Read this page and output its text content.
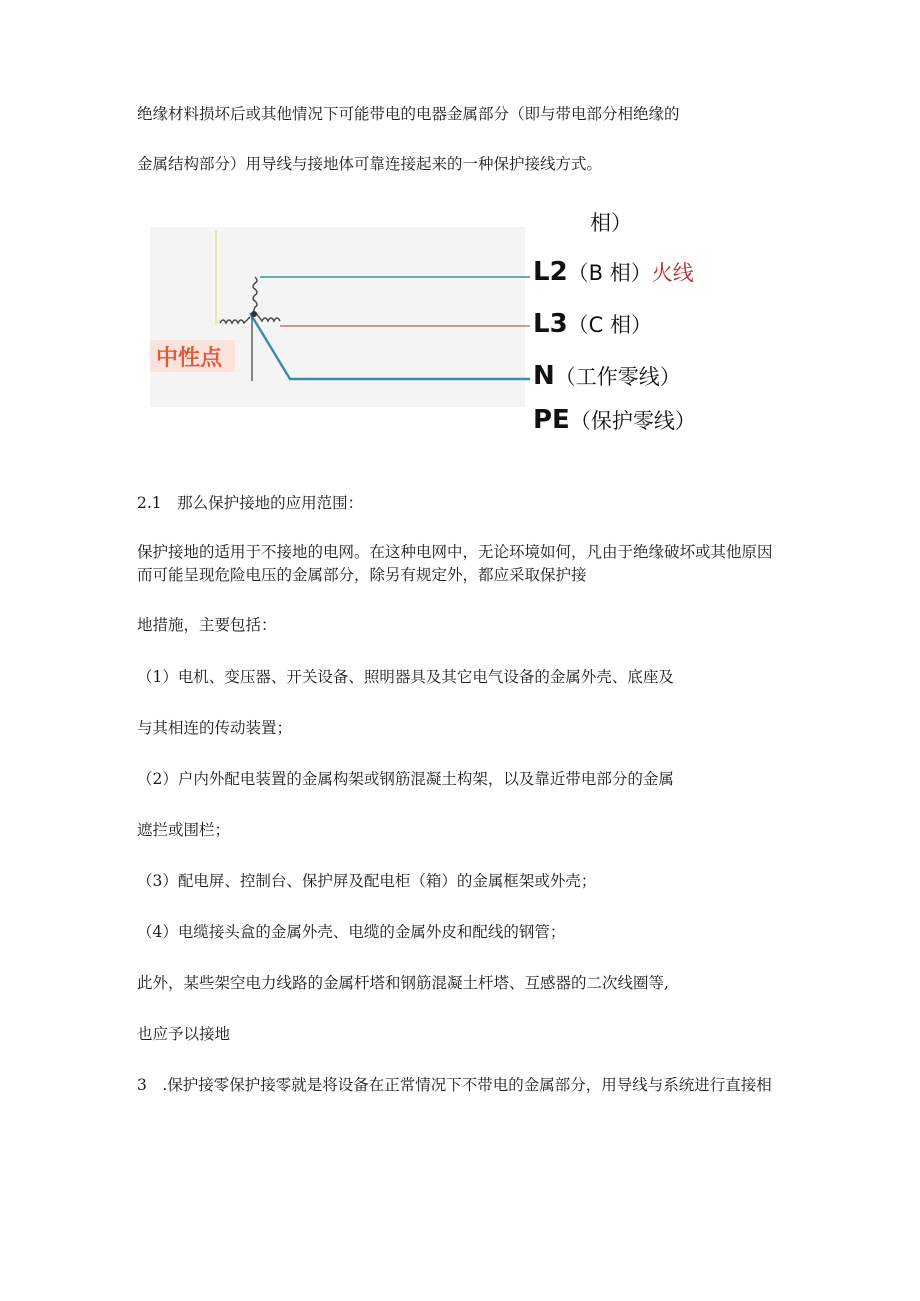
绝缘材料损坏后或其他情况下可能带电的电器金属部分（即与带电部分相绝缘的

金属结构部分）用导线与接地体可靠连接起来的一种保护接线方式。

中性点
相）
L2（B 相）火线
L3（C 相）
N（工作零线）
PE（保护零线）

2.1　那么保护接地的应用范围：

保护接地的适用于不接地的电网。在这种电网中，无论环境如何，凡由于绝缘破坏或其他原因而可能呈现危险电压的金属部分，除另有规定外，都应采取保护接

地措施，主要包括：

（1）电机、变压器、开关设备、照明器具及其它电气设备的金属外壳、底座及

与其相连的传动装置；

（2）户内外配电装置的金属构架或钢筋混凝土构架，以及靠近带电部分的金属

遮拦或围栏；

（3）配电屏、控制台、保护屏及配电柜（箱）的金属框架或外壳；

（4）电缆接头盒的金属外壳、电缆的金属外皮和配线的钢管；

此外，某些架空电力线路的金属杆塔和钢筋混凝土杆塔、互感器的二次线圈等,

也应予以接地

3　.保护接零保护接零就是将设备在正常情况下不带电的金属部分，用导线与系统进行直接相
